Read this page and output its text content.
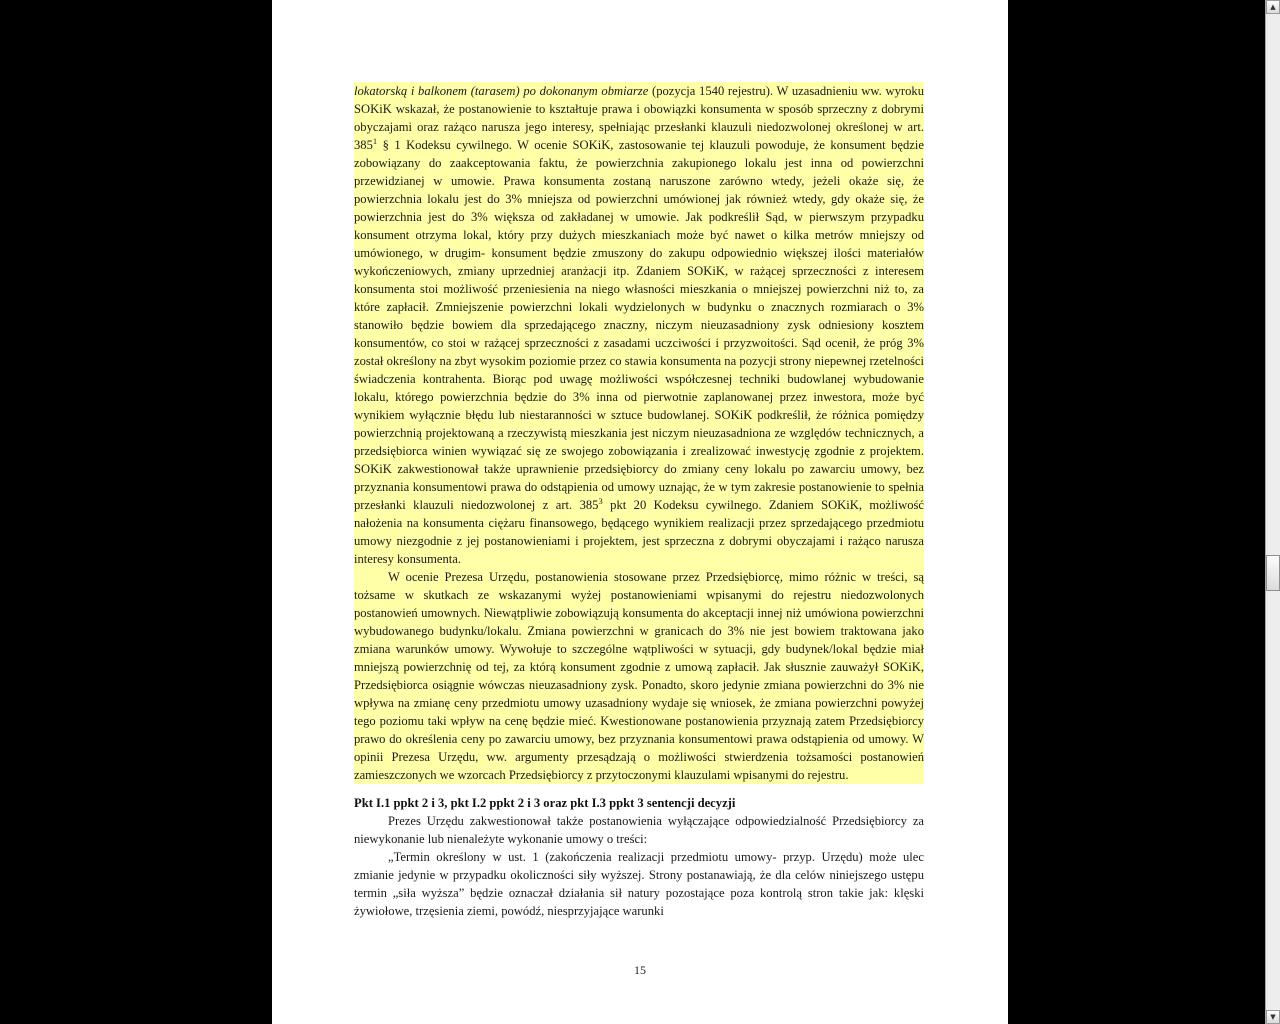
lokatorską i balkonem (tarasem) po dokonanym obmiarze (pozycja 1540 rejestru). W uzasadnieniu ww. wyroku SOKiK wskazał, że postanowienie to kształtuje prawa i obowiązki konsumenta w sposób sprzeczny z dobrymi obyczajami oraz rażąco narusza jego interesy, spełniając przesłanki klauzuli niedozwolonej określonej w art. $385^1$ § 1 Kodeksu cywilnego. W ocenie SOKiK, zastosowanie tej klauzuli powoduje, że konsument będzie zobowiązany do zaakceptowania faktu, że powierzchnia zakupionego lokalu jest inna od powierzchni przewidzianej w umowie. Prawa konsumenta zostaną naruszone zarówno wtedy, jeżeli okaże się, że powierzchnia lokalu jest do 3% mniejsza od powierzchni umówionej jak również wtedy, gdy okaże się, że powierzchnia jest do 3% większa od zakładanej w umowie. Jak podkreślił Sąd, w pierwszym przypadku konsument otrzyma lokal, który przy dużych mieszkaniach może być nawet o kilka metrów mniejszy od umówionego, w drugim- konsument będzie zmuszony do zakupu odpowiednio większej ilości materiałów wykończeniowych, zmiany uprzedniej aranżacji itp. Zdaniem SOKiK, w rażącej sprzeczności z interesem konsumenta stoi możliwość przeniesienia na niego własności mieszkania o mniejszej powierzchni niż to, za które zapłacił. Zmniejszenie powierzchni lokali wydzielonych w budynku o znacznych rozmiarach o 3% stanowiło będzie bowiem dla sprzedającego znaczny, niczym nieuzasadniony zysk odniesiony kosztem konsumentów, co stoi w rażącej sprzeczności z zasadami uczciwości i przyzwoitości. Sąd ocenił, że próg 3% został określony na zbyt wysokim poziomie przez co stawia konsumenta na pozycji strony niepewnej rzetelności świadczenia kontrahenta. Biorąc pod uwagę możliwości współczesnej techniki budowlanej wybudowanie lokalu, którego powierzchnia będzie do 3% inna od pierwotnie zaplanowanej przez inwestora, może być wynikiem wyłącznie błędu lub niestaranności w sztuce budowlanej. SOKiK podkreślił, że różnica pomiędzy powierzchnią projektowaną a rzeczywistą mieszkania jest niczym nieuzasadniona ze względów technicznych, a przedsiębiorca winien wywiązać się ze swojego zobowiązania i zrealizować inwestycję zgodnie z projektem. SOKiK zakwestionował także uprawnienie przedsiębiorcy do zmiany ceny lokalu po zawarciu umowy, bez przyznania konsumentowi prawa do odstąpienia od umowy uznając, że w tym zakresie postanowienie to spełnia przesłanki klauzuli niedozwolonej z art. $385^3$ pkt 20 Kodeksu cywilnego. Zdaniem SOKiK, możliwość nałożenia na konsumenta ciężaru finansowego, będącego wynikiem realizacji przez sprzedającego przedmiotu umowy niezgodnie z jej postanowieniami i projektem, jest sprzeczna z dobrymi obyczajami i rażąco narusza interesy konsumenta.

W ocenie Prezesa Urzędu, postanowienia stosowane przez Przedsiębiorcę, mimo różnic w treści, są tożsame w skutkach ze wskazanymi wyżej postanowieniami wpisanymi do rejestru niedozwolonych postanowień umownych. Niewątpliwie zobowiązują konsumenta do akceptacji innej niż umówiona powierzchni wybudowanego budynku/lokalu. Zmiana powierzchni w granicach do 3% nie jest bowiem traktowana jako zmiana warunków umowy. Wywołuje to szczególne wątpliwości w sytuacji, gdy budynek/lokal będzie miał mniejszą powierzchnię od tej, za którą konsument zgodnie z umową zapłacił. Jak słusznie zauważył SOKiK, Przedsiębiorca osiągnie wówczas nieuzasadniony zysk. Ponadto, skoro jedynie zmiana powierzchni do 3% nie wpływa na zmianę ceny przedmiotu umowy uzasadniony wydaje się wniosek, że zmiana powierzchni powyżej tego poziomu taki wpływ na cenę będzie mieć. Kwestionowane postanowienia przyznają zatem Przedsiębiorcy prawo do określenia ceny po zawarciu umowy, bez przyznania konsumentowi prawa odstąpienia od umowy. W opinii Prezesa Urzędu, ww. argumenty przesądzają o możliwości stwierdzenia tożsamości postanowień zamieszczonych we wzorcach Przedsiębiorcy z przytoczonymi klauzulami wpisanymi do rejestru.

Pkt I.1 ppkt 2 i 3, pkt I.2 ppkt 2 i 3 oraz pkt I.3 ppkt 3 sentencji decyzji

Prezes Urzędu zakwestionował także postanowienia wyłączające odpowiedzialność Przedsiębiorcy za niewykonanie lub nienależyte wykonanie umowy o treści:

„Termin określony w ust. 1 (zakończenia realizacji przedmiotu umowy- przyp. Urzędu) może ulec zmianie jedynie w przypadku okoliczności siły wyższej. Strony postanawiają, że dla celów niniejszego ustępu termin „siła wyższa” będzie oznaczał działania sił natury pozostające poza kontrolą stron takie jak: klęski żywiołowe, trzęsienia ziemi, powódź, niesprzyjające warunki

15
▲
▼
